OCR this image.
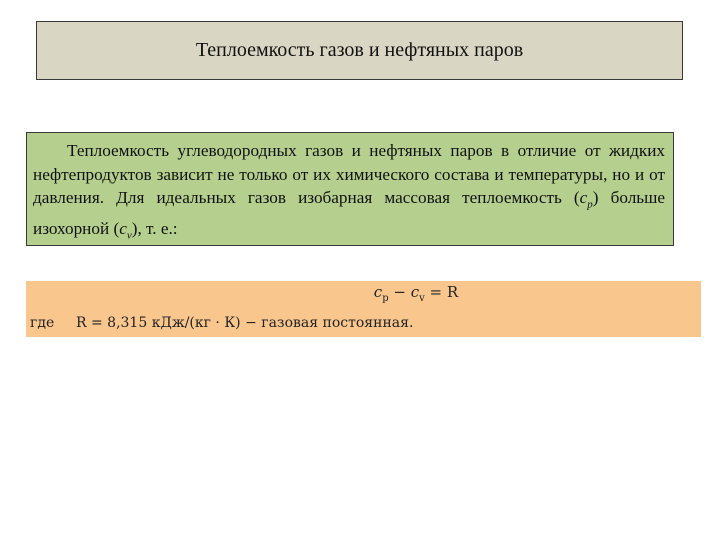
Теплоемкость газов и нефтяных паров
Теплоемкость углеводородных газов и нефтяных паров в отличие от жидких нефтепродуктов зависит не только от их химического состава и температуры, но и от давления. Для идеальных газов изобарная массовая теплоемкость $(c_p)$ больше изохорной $(c_v)$, т. е.:
$c_p - c_v = R$
где R = 8,315 кДж/(кг · К) − газовая постоянная.
